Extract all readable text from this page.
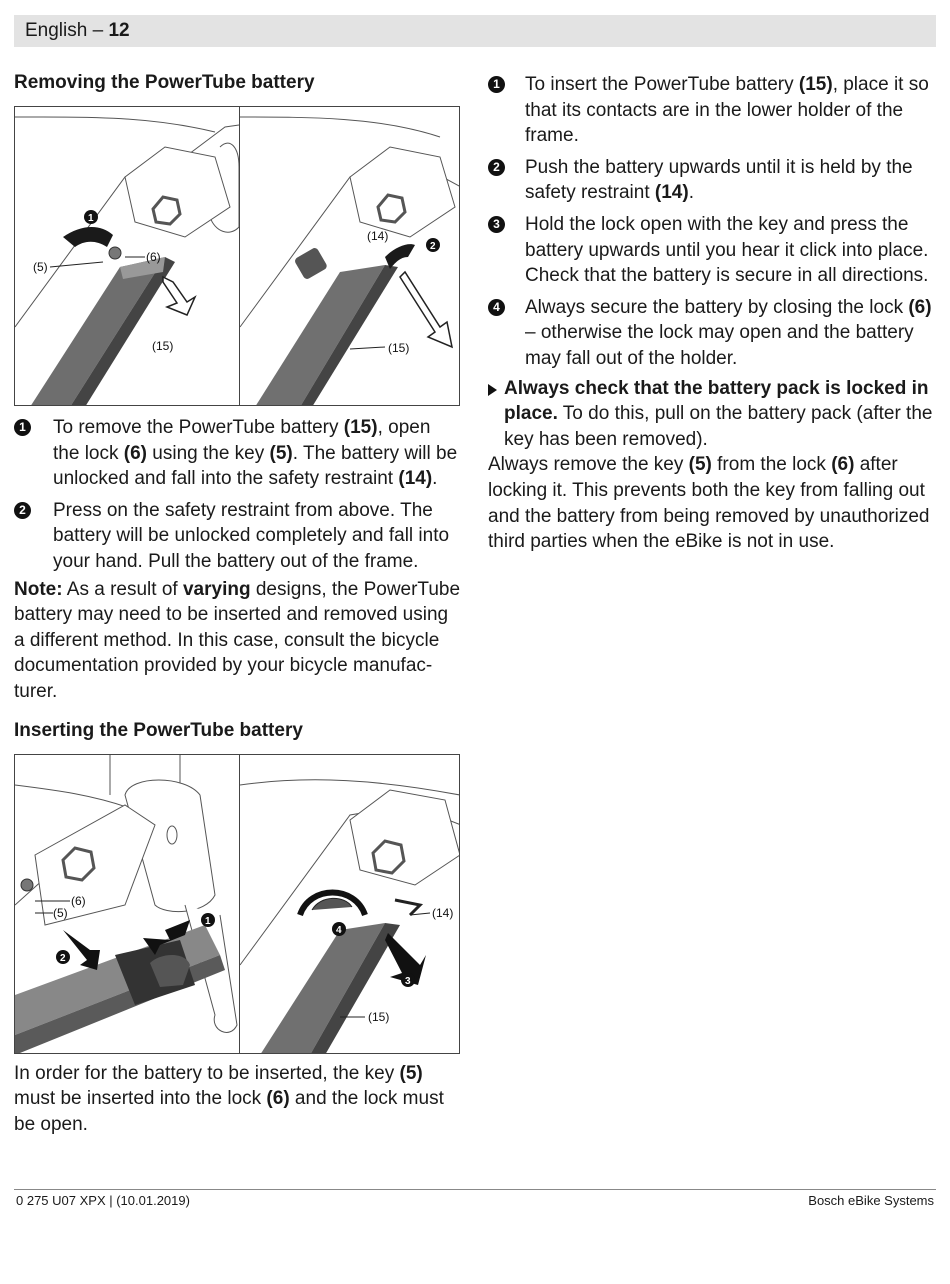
English – 12
Removing the PowerTube battery
1
(5)
(6)
(15)
2
(14)
(15)
1 To remove the PowerTube battery (15), open the lock (6) using the key (5). The battery will be unlocked and fall into the safety restraint (14).
2 Press on the safety restraint from above. The battery will be unlocked completely and fall into your hand. Pull the battery out of the frame.

Note: As a result of varying designs, the PowerTube battery may need to be inserted and removed using a different method. In this case, consult the bicycle documentation provided by your bicycle manufac-turer.

Inserting the PowerTube battery
1
2
(6)
(5)
4
3
(14)
(15)

In order for the battery to be inserted, the key (5) must be inserted into the lock (6) and the lock must be open.

1 To insert the PowerTube battery (15), place it so that its contacts are in the lower holder of the frame.
2 Push the battery upwards until it is held by the safety restraint (14).
3 Hold the lock open with the key and press the battery upwards until you hear it click into place. Check that the battery is secure in all directions.
4 Always secure the battery by closing the lock (6) – otherwise the lock may open and the battery may fall out of the holder.
Always check that the battery pack is locked in place. To do this, pull on the battery pack (after the key has been removed).

Always remove the key (5) from the lock (6) after locking it. This prevents both the key from falling out and the battery from being removed by unauthorized third parties when the eBike is not in use.

0 275 U07 XPX | (10.01.2019)	Bosch eBike Systems
